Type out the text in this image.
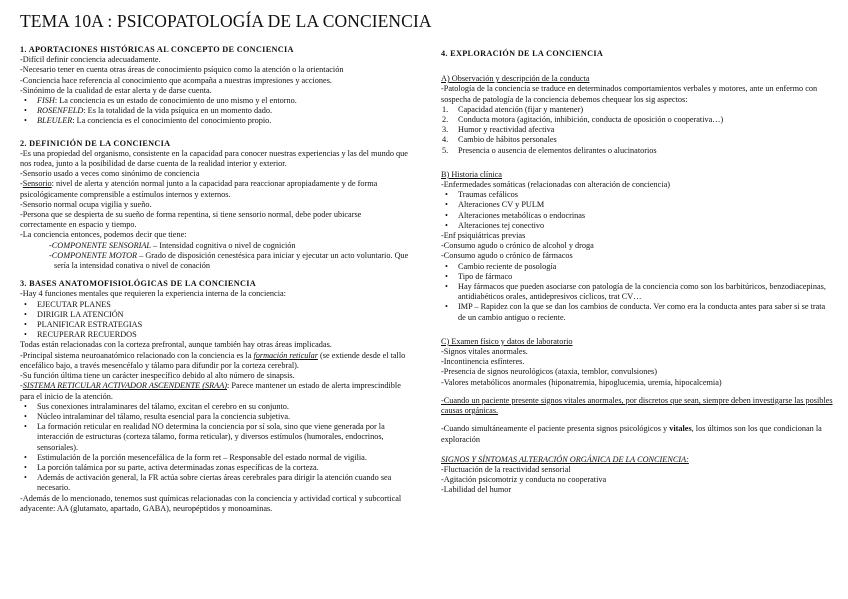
TEMA 10A : PSICOPATOLOGÍA DE LA CONCIENCIA
1. APORTACIONES HISTÓRICAS AL CONCEPTO DE CONCIENCIA
-Difícil definir conciencia adecuadamente.
-Necesario tener en cuenta otras áreas de conocimiento psíquico como la atención o la orientación
-Conciencia hace referencia al conocimiento que acompaña a nuestras impresiones y acciones.
-Sinónimo de la cualidad de estar alerta y de darse cuenta.
• FISH: La conciencia es un estado de conocimiento de uno mismo y el entorno.
• ROSENFELD: Es la totalidad de la vida psíquica en un momento dado.
• BLEULER: La conciencia es el conocimiento del conocimiento propio.
2. DEFINICIÓN DE LA CONCIENCIA
-Es una propiedad del organismo, consistente en la capacidad para conocer nuestras experiencias y las del mundo que nos rodea, junto a la posibilidad de darse cuenta de la realidad interior y exterior.
-Sensorio usado a veces como sinónimo de conciencia
-Sensorio: nivel de alerta y atención normal junto a la capacidad para reaccionar apropiadamente y de forma psicológicamente comprensible a estímulos internos y externos.
-Sensorio normal ocupa vigilia y sueño.
-Persona que se despierta de su sueño de forma repentina, si tiene sensorio normal, debe poder ubicarse correctamente en espacio y tiempo.
-La conciencia entonces, podemos decir que tiene:
-COMPONENTE SENSORIAL – Intensidad cognitiva o nivel de cognición
-COMPONENTE MOTOR – Grado de disposición cenestésica para iniciar y ejecutar un acto voluntario. Que sería la intensidad conativa o nivel de conación
3. BASES ANATOMOFISIOLÓGICAS DE LA CONCIENCIA
-Hay 4 funciones mentales que requieren la experiencia interna de la conciencia:
• EJECUTAR PLANES
• DIRIGIR LA ATENCIÓN
• PLANIFICAR ESTRATEGIAS
• RECUPERAR RECUERDOS
Todas están relacionadas con la corteza prefrontal, aunque también hay otras áreas implicadas.
-Principal sistema neuroanatómico relacionado con la conciencia es la formación reticular (se extiende desde el tallo encefálico bajo, a través mesencéfalo y tálamo para difundir por la corteza cerebral).
-Su función última tiene un carácter inespecífico debido al alto número de sinapsis.
-SISTEMA RETICULAR ACTIVADOR ASCENDENTE (SRAA): Parece mantener un estado de alerta imprescindible para el inicio de la atención.
• Sus conexiones intralaminares del tálamo, excitan el cerebro en su conjunto.
• Núcleo intralaminar del tálamo, resulta esencial para la conciencia subjetiva.
• La formación reticular en realidad NO determina la conciencia por sí sola, sino que viene generada por la interacción de estructuras (corteza tálamo, forma reticular), y diversos estímulos (humorales, endocrinos, sensoriales).
• Estimulación de la porción mesencefálica de la form ret – Responsable del estado normal de vigilia.
• La porción talámica por su parte, activa determinadas zonas específicas de la corteza.
• Además de activación general, la FR actúa sobre ciertas áreas cerebrales para dirigir la atención cuando sea necesario.
-Además de lo mencionado, tenemos sust químicas relacionadas con la conciencia y actividad cortical y subcortical adyacente: AA (glutamato, apartado, GABA), neuropéptidos y monoaminas.
4. EXPLORACIÓN DE LA CONCIENCIA
A) Observación y descripción de la conducta
-Patología de la conciencia se traduce en determinados comportamientos verbales y motores, ante un enfermo con sospecha de patología de la conciencia debemos chequear los sig aspectos:
1. Capacidad atención (fijar y mantener)
2. Conducta motora (agitación, inhibición, conducta de oposición o cooperativa…)
3. Humor y reactividad afectiva
4. Cambio de hábitos personales
5. Presencia o ausencia de elementos delirantes o alucinatorios
B) Historia clínica
-Enfermedades somáticas (relacionadas con alteración de conciencia)
• Traumas cefálicos
• Alteraciones CV y PULM
• Alteraciones metabólicas o endocrinas
• Alteraciones tej conectivo
-Enf psiquiátricas previas
-Consumo agudo o crónico de alcohol y droga
-Consumo agudo o crónico de fármacos
• Cambio reciente de posología
• Tipo de fármaco
• Hay fármacos que pueden asociarse con patología de la conciencia como son los barbitúricos, benzodiacepinas, antidiabéticos orales, antidepresivos cíclicos, trat CV…
• IMP – Rapidez con la que se dan los cambios de conducta. Ver como era la conducta antes para saber si se trata de un cambio antiguo o reciente.
C) Examen físico y datos de laboratorio
-Signos vitales anormales.
-Incontinencia esfínteres.
-Presencia de signos neurológicos (ataxia, temblor, convulsiones)
-Valores metabólicos anormales (hiponatremia, hipoglucemia, uremia, hipocalcemia)
-Cuando un paciente presente signos vitales anormales, por discretos que sean, siempre deben investigarse las posibles causas orgánicas.
-Cuando simultáneamente el paciente presenta signos psicológicos y vitales, los últimos son los que condicionan la exploración
SIGNOS Y SÍNTOMAS ALTERACIÓN ORGÁNICA DE LA CONCIENCIA:
-Fluctuación de la reactividad sensorial
-Agitación psicomotriz y conducta no cooperativa
-Labilidad del humor
